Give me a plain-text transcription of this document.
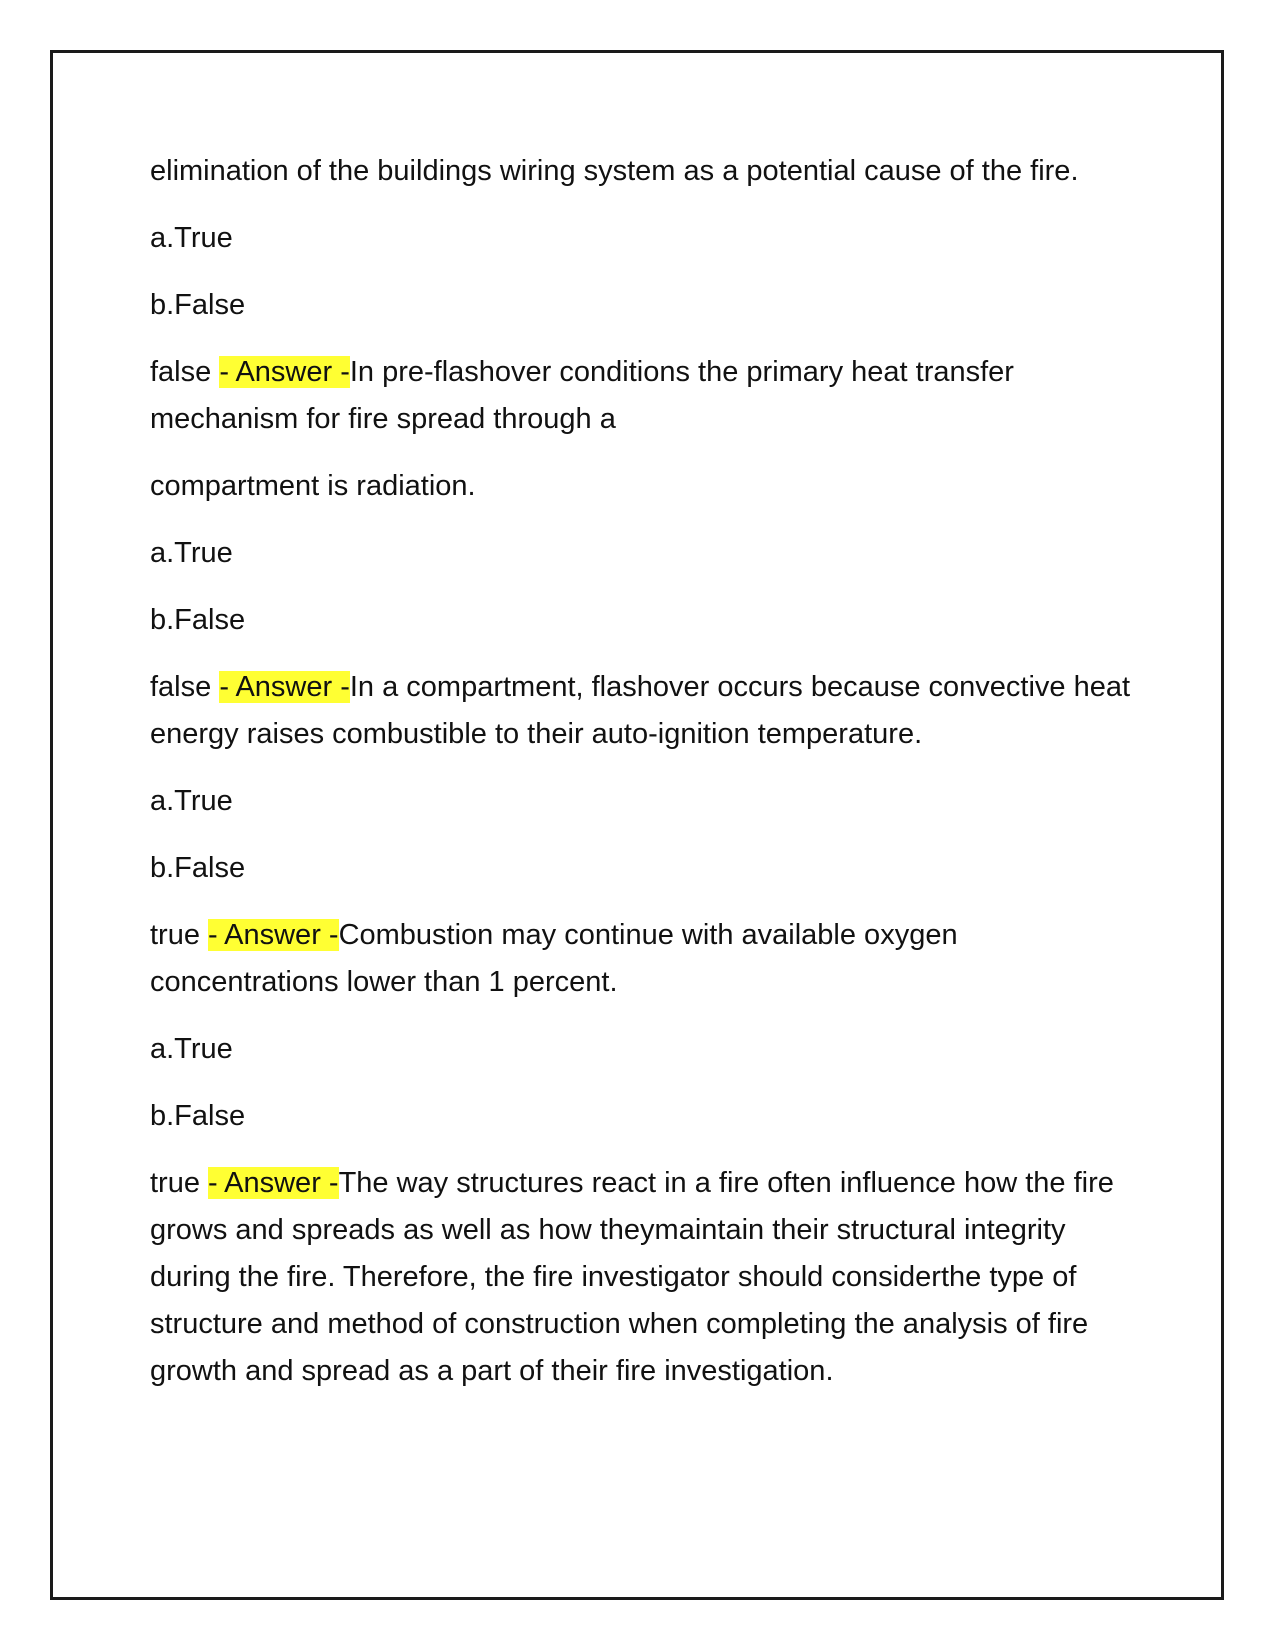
elimination of the buildings wiring system as a potential cause of the fire.

a.True

b.False

false - Answer -In pre-flashover conditions the primary heat transfer mechanism for fire spread through a

compartment is radiation.

a.True

b.False

false - Answer -In a compartment, flashover occurs because convective heat energy raises combustible to their auto-ignition temperature.

a.True

b.False

true - Answer -Combustion may continue with available oxygen concentrations lower than 1 percent.

a.True

b.False

true - Answer -The way structures react in a fire often influence how the fire grows and spreads as well as how theymaintain their structural integrity during the fire. Therefore, the fire investigator should considerthe type of structure and method of construction when completing the analysis of fire growth and spread as a part of their fire investigation.
